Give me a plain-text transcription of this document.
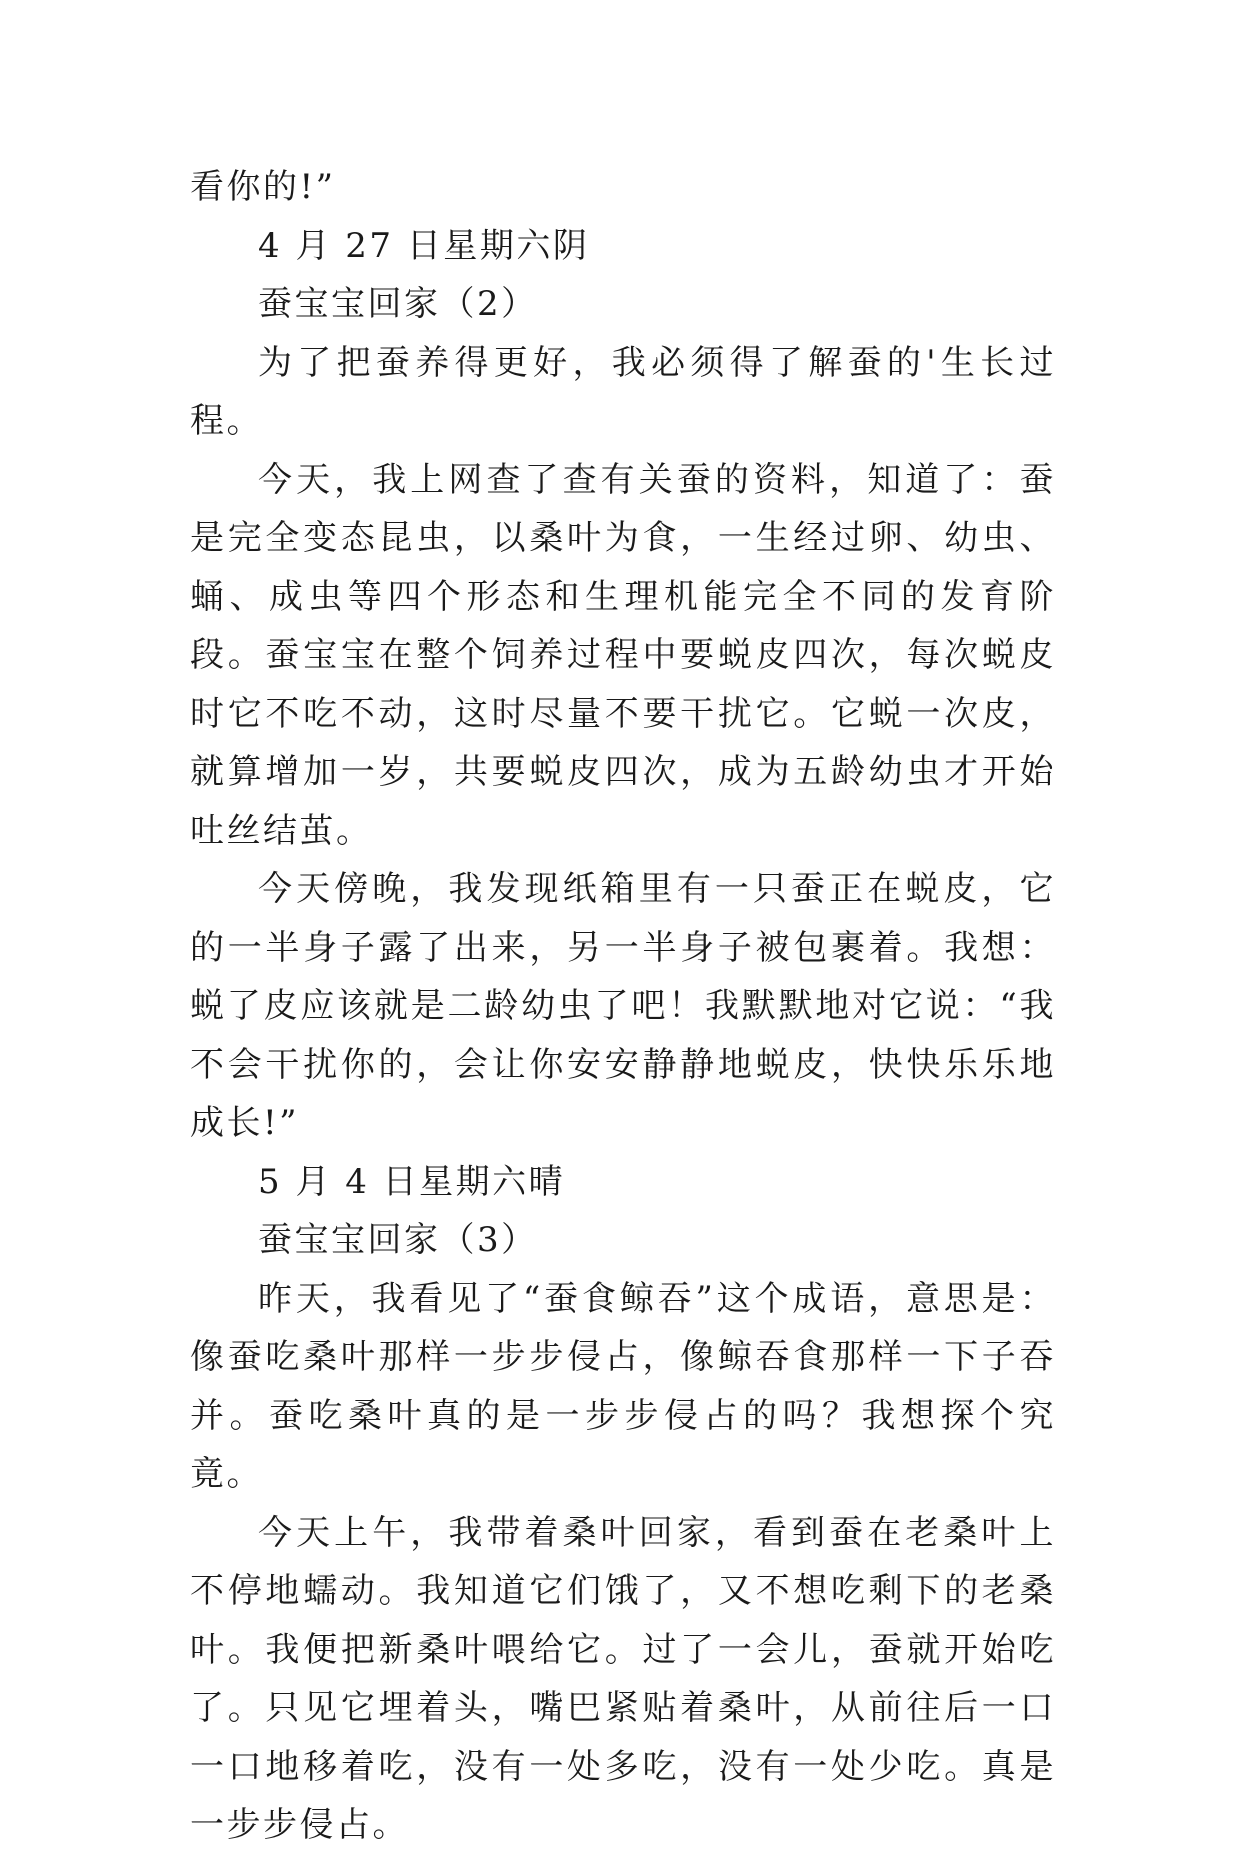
看你的!”

4 月 27 日星期六阴

蚕宝宝回家（2）

为了把蚕养得更好，我必须得了解蚕的'生长过程。

今天，我上网查了查有关蚕的资料，知道了：蚕是完全变态昆虫，以桑叶为食，一生经过卵、幼虫、蛹、成虫等四个形态和生理机能完全不同的发育阶段。蚕宝宝在整个饲养过程中要蜕皮四次，每次蜕皮时它不吃不动，这时尽量不要干扰它。它蜕一次皮，就算增加一岁，共要蜕皮四次，成为五龄幼虫才开始吐丝结茧。

今天傍晚，我发现纸箱里有一只蚕正在蜕皮，它的一半身子露了出来，另一半身子被包裹着。我想：蜕了皮应该就是二龄幼虫了吧！我默默地对它说：“我不会干扰你的，会让你安安静静地蜕皮，快快乐乐地成长!”

5 月 4 日星期六晴

蚕宝宝回家（3）

昨天，我看见了“蚕食鲸吞”这个成语，意思是：像蚕吃桑叶那样一步步侵占，像鲸吞食那样一下子吞并。蚕吃桑叶真的是一步步侵占的吗？我想探个究竟。

今天上午，我带着桑叶回家，看到蚕在老桑叶上不停地蠕动。我知道它们饿了，又不想吃剩下的老桑叶。我便把新桑叶喂给它。过了一会儿，蚕就开始吃了。只见它埋着头，嘴巴紧贴着桑叶，从前往后一口一口地移着吃，没有一处多吃，没有一处少吃。真是一步步侵占。
